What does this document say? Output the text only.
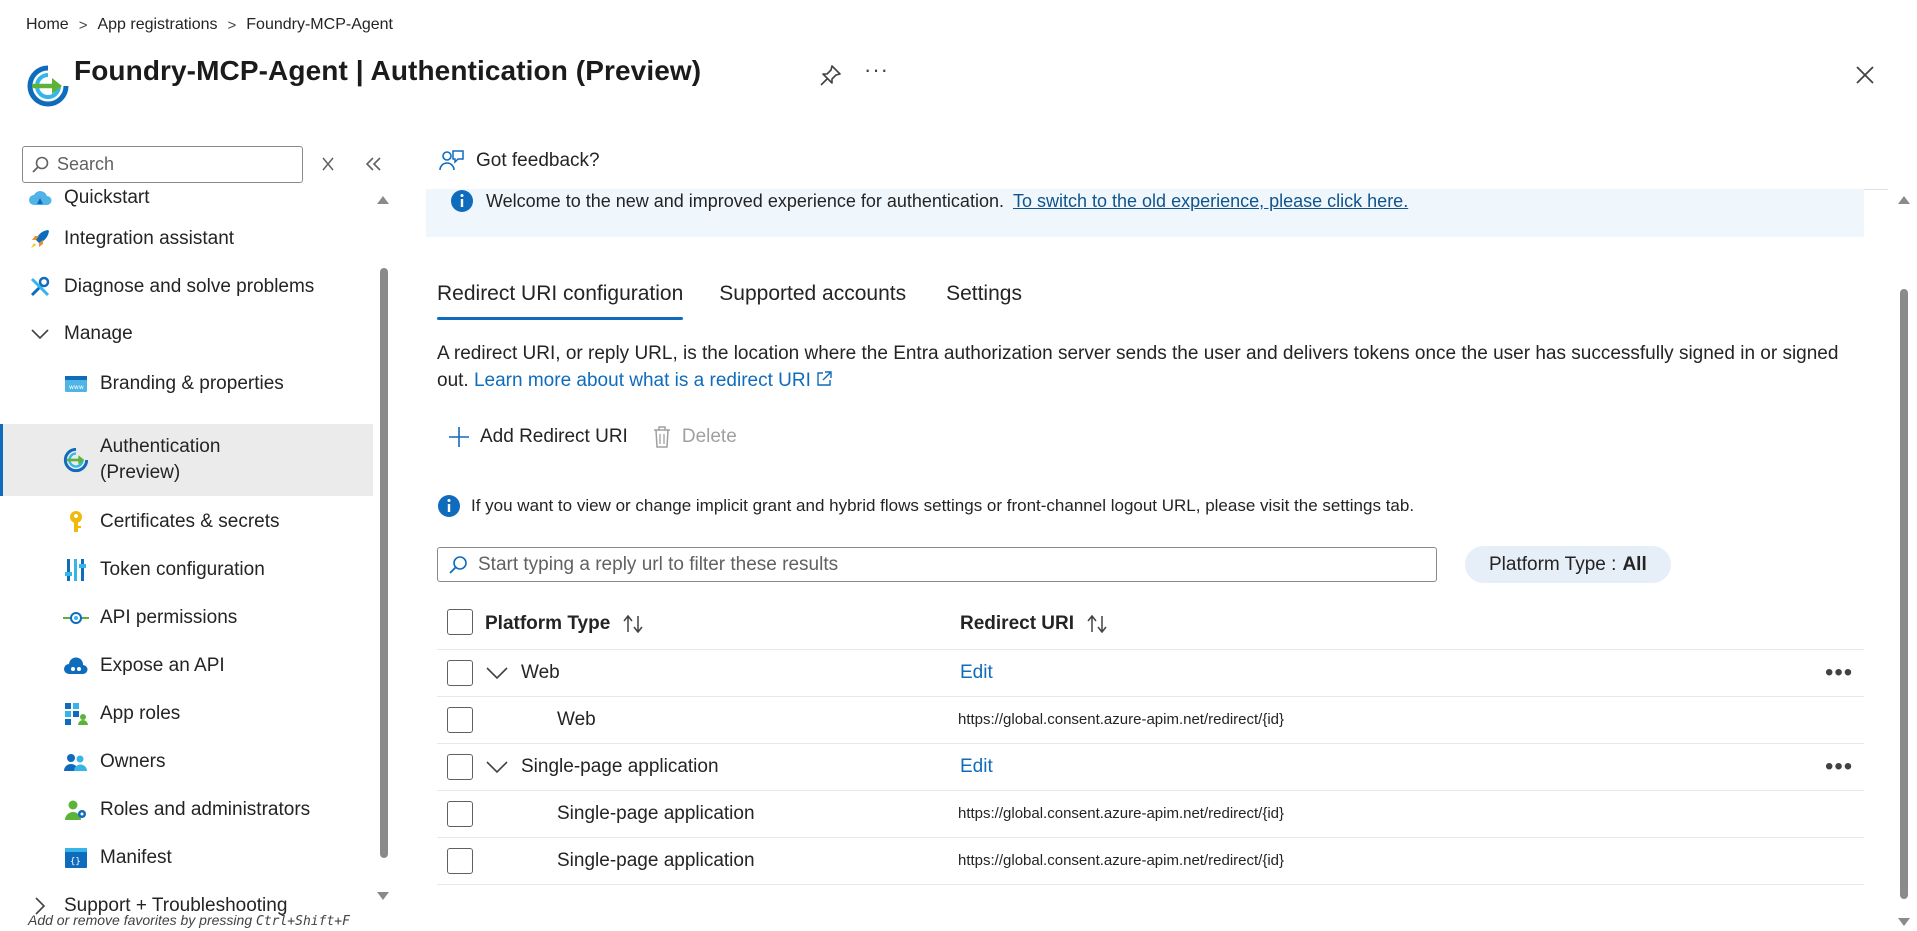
Home > App registrations > Foundry-MCP-Agent
Foundry-MCP-Agent | Authentication (Preview)	···
Search
Quickstart
Integration assistant
Diagnose and solve problems
Manage
www Branding & properties
Authentication
(Preview)
Certificates & secrets
Token configuration
API permissions
Expose an API
App roles
Owners
Roles and administrators
{} Manifest
Support + Troubleshooting
Add or remove favorites by pressing Ctrl+Shift+F
Got feedback?
Welcome to the new and improved experience for authentication. To switch to the old experience, please click here.
Redirect URI configuration Supported accounts Settings
A redirect URI, or reply URL, is the location where the Entra authorization server sends the user and delivers tokens once the user has successfully signed in or signed out. Learn more about what is a redirect URI
Add Redirect URI	Delete
If you want to view or change implicit grant and hybrid flows settings or front-channel logout URL, please visit the settings tab.
Start typing a reply url to filter these results
Platform Type : All
Platform Type	Redirect URI
Web	Edit	•••
Web	https://global.consent.azure-apim.net/redirect/{id}
Single-page application	Edit	•••
Single-page application	https://global.consent.azure-apim.net/redirect/{id}
Single-page application	https://global.consent.azure-apim.net/redirect/{id}
